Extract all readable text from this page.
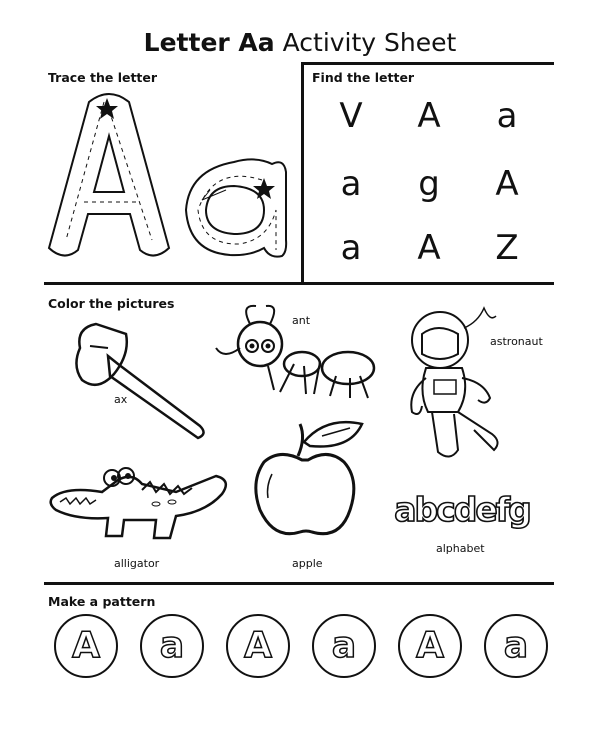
Letter Aa Activity Sheet
Trace the letter	Find the letter
V	A	a
a	g	A
a	A	Z
Color the pictures
ax
ant
astronaut
alligator	apple
abcdefg
alphabet
Make a pattern
A	a	A	a	A	a
